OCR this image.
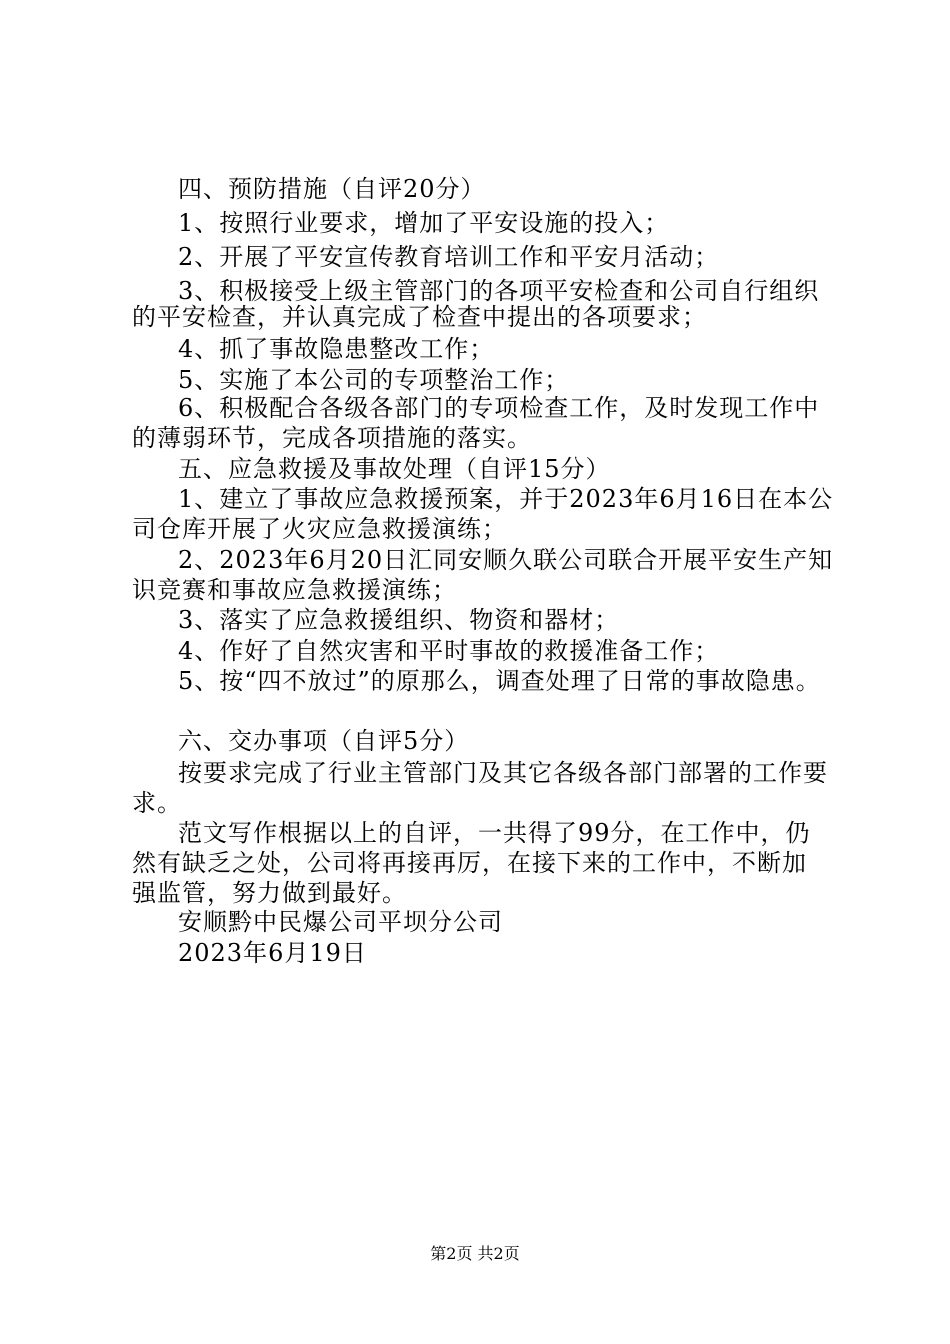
四、预防措施（自评20分）
1、按照行业要求，增加了平安设施的投入；
2、开展了平安宣传教育培训工作和平安月活动；
3、积极接受上级主管部门的各项平安检查和公司自行组织
的平安检查，并认真完成了检查中提出的各项要求；
4、抓了事故隐患整改工作；
5、实施了本公司的专项整治工作；
6、积极配合各级各部门的专项检查工作，及时发现工作中
的薄弱环节，完成各项措施的落实。
五、应急救援及事故处理（自评15分）
1、建立了事故应急救援预案，并于2023年6月16日在本公
司仓库开展了火灾应急救援演练；
2、2023年6月20日汇同安顺久联公司联合开展平安生产知
识竞赛和事故应急救援演练；
3、落实了应急救援组织、物资和器材；
4、作好了自然灾害和平时事故的救援准备工作；
5、按“四不放过”的原那么，调查处理了日常的事故隐患。
六、交办事项（自评5分）
按要求完成了行业主管部门及其它各级各部门部署的工作要
求。
范文写作根据以上的自评，一共得了99分，在工作中，仍
然有缺乏之处，公司将再接再厉，在接下来的工作中，不断加
强监管，努力做到最好。
安顺黔中民爆公司平坝分公司
2023年6月19日
第2页 共2页
